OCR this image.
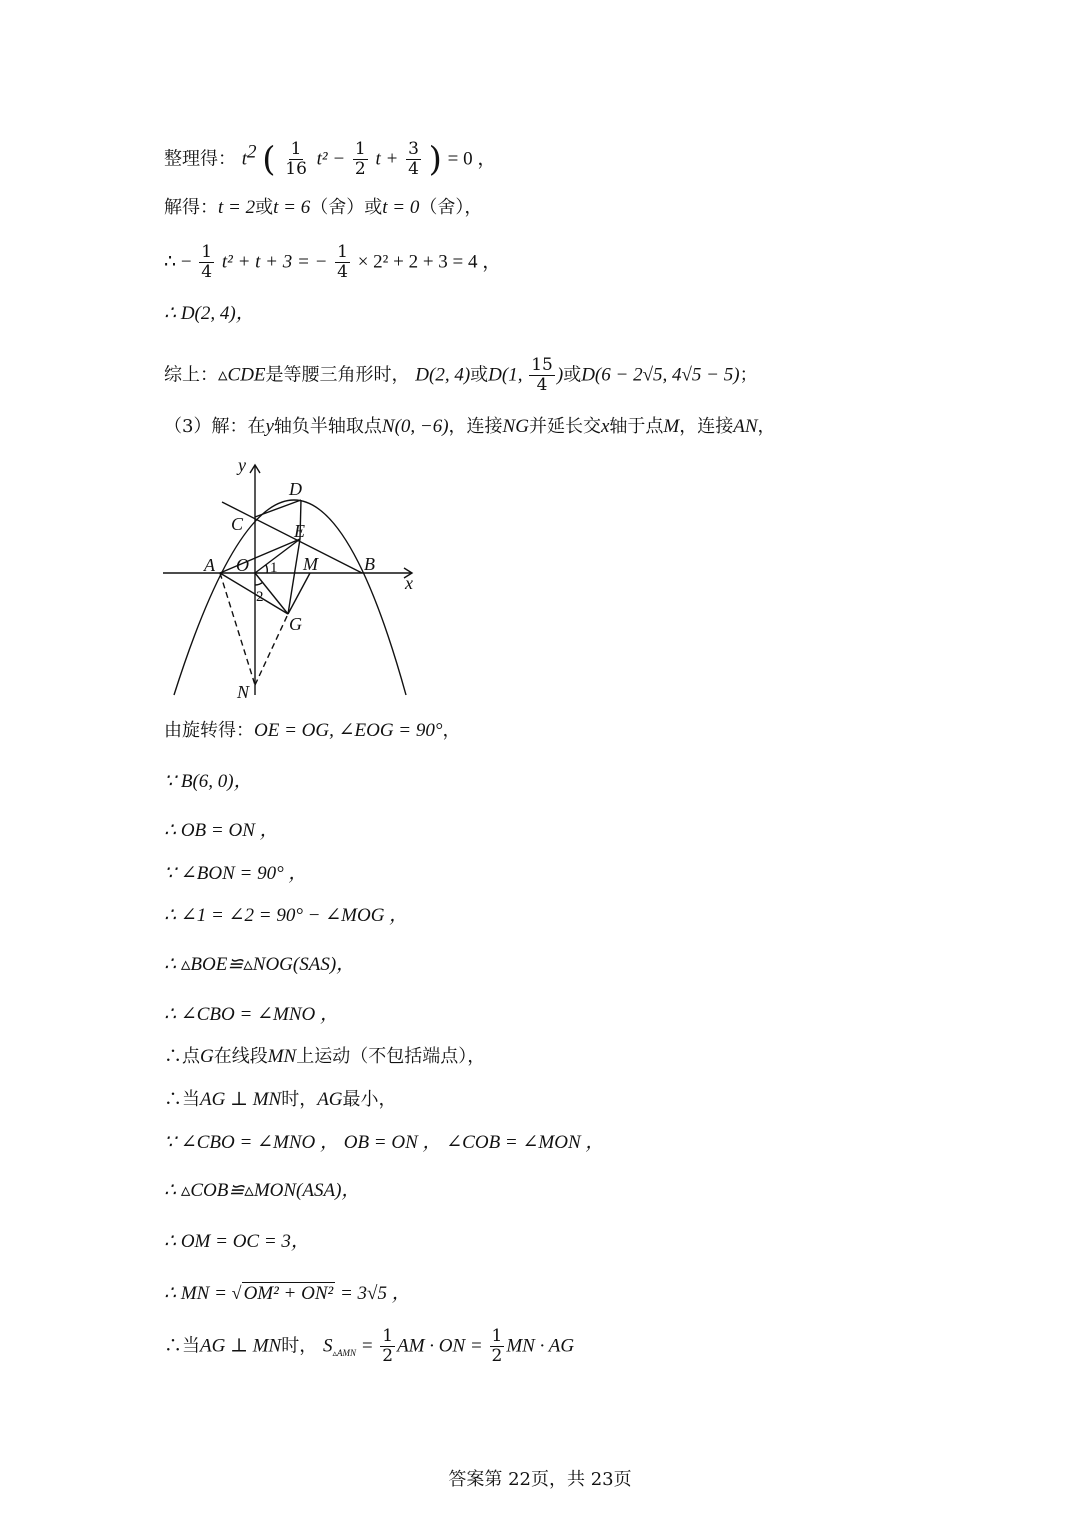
整理得： $t^2$ ( $\frac{1}{16} t^2 - \frac{1}{2}$ $t + \frac{3}{4}$ ) = 0 ，
解得：t = 2或t = 6（舍）或t = 0（舍），
∴ − $\frac{1}{4} t^2 + t + 3$ = − $\frac{1}{4} \times 2^2 + 2 + 3 = 4$ ，
∴ D(2, 4)，
综上：▵CDE是等腰三角形时， D(2, 4)或D(1, $\frac{15}{4}$ )或D(6 − 2√5, 4√5 − 5)；
（3）解：在y轴负半轴取点N(0, −6)，连接NG并延长交x轴于点M，连接AN，
y
D
C	E
A O	M	B
x
G
N
1
2
由旋转得：OE = OG, ∠EOG = 90°，
∵ B(6, 0)，
∴ OB = ON ，
∵ ∠BON = 90° ，
∴ ∠1 = ∠2 = 90° − ∠MOG ，
∴ ▵BOE≌▵NOG(SAS)，
∴ ∠CBO = ∠MNO ，
∴点G在线段MN上运动（不包括端点），
∴当AG ⊥ MN时，AG最小，
∵ ∠CBO = ∠MNO ， OB = ON ， ∠COB = ∠MON ，
∴ ▵COB≌▵MON(ASA)，
∴ OM = OC = 3，
∴ MN = √ OM² + ON² = 3√5 ，
∴当AG ⊥ MN时， $S_{▵AMN} = \frac{1}{2}$ AM · ON = $\frac{1}{2}$ MN · AG
答案第 22页，共 23页
